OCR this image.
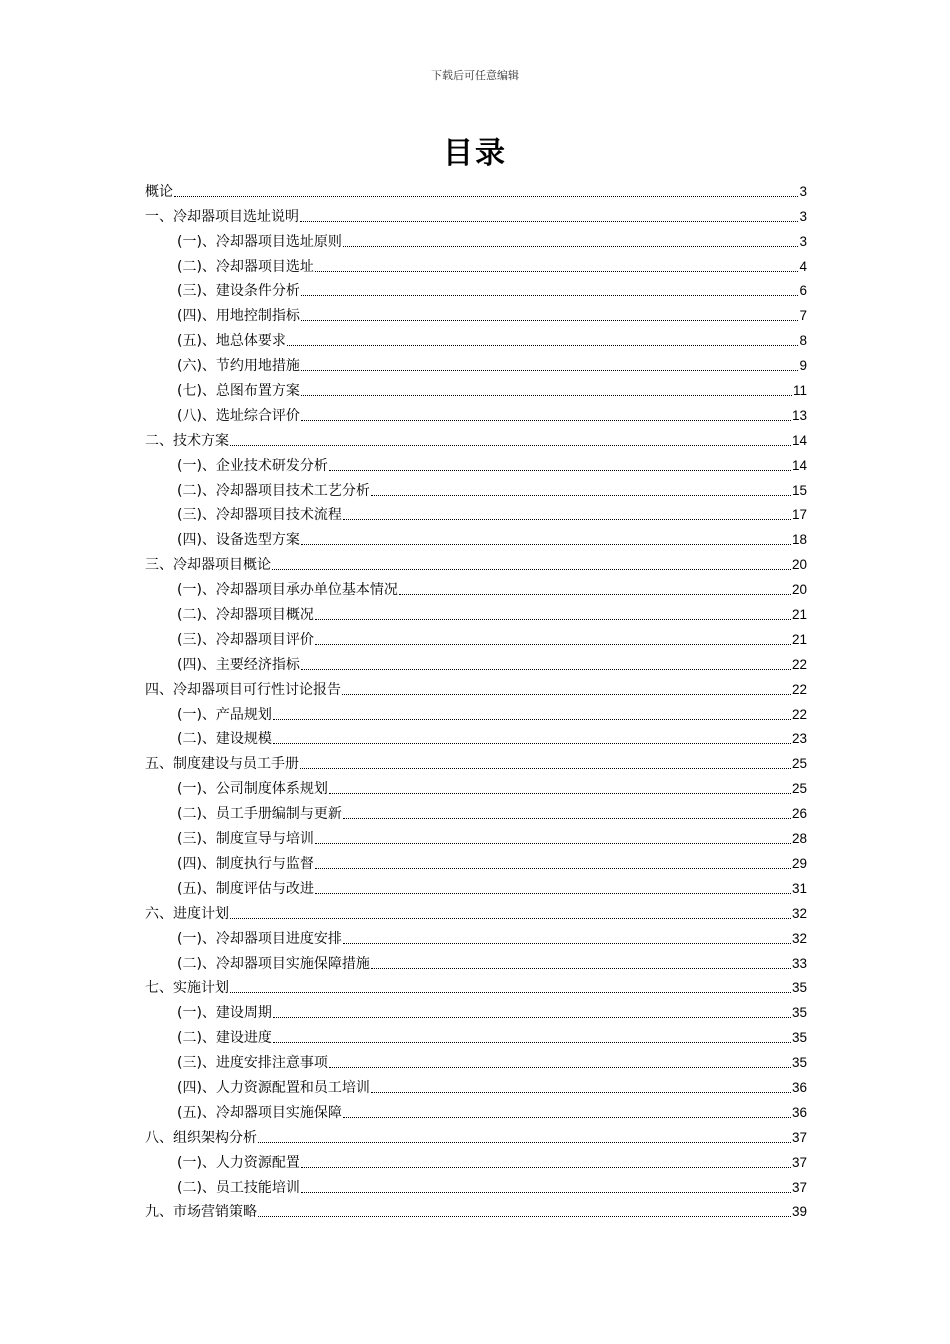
下载后可任意编辑
目录
概论	3
一、冷却器项目选址说明	3
(一)、冷却器项目选址原则	3
(二)、冷却器项目选址	4
(三)、建设条件分析	6
(四)、用地控制指标	7
(五)、地总体要求	8
(六)、节约用地措施	9
(七)、总图布置方案	11
(八)、选址综合评价	13
二、技术方案	14
(一)、企业技术研发分析	14
(二)、冷却器项目技术工艺分析	15
(三)、冷却器项目技术流程	17
(四)、设备选型方案	18
三、冷却器项目概论	20
(一)、冷却器项目承办单位基本情况	20
(二)、冷却器项目概况	21
(三)、冷却器项目评价	21
(四)、主要经济指标	22
四、冷却器项目可行性讨论报告	22
(一)、产品规划	22
(二)、建设规模	23
五、制度建设与员工手册	25
(一)、公司制度体系规划	25
(二)、员工手册编制与更新	26
(三)、制度宣导与培训	28
(四)、制度执行与监督	29
(五)、制度评估与改进	31
六、进度计划	32
(一)、冷却器项目进度安排	32
(二)、冷却器项目实施保障措施	33
七、实施计划	35
(一)、建设周期	35
(二)、建设进度	35
(三)、进度安排注意事项	35
(四)、人力资源配置和员工培训	36
(五)、冷却器项目实施保障	36
八、组织架构分析	37
(一)、人力资源配置	37
(二)、员工技能培训	37
九、市场营销策略	39
